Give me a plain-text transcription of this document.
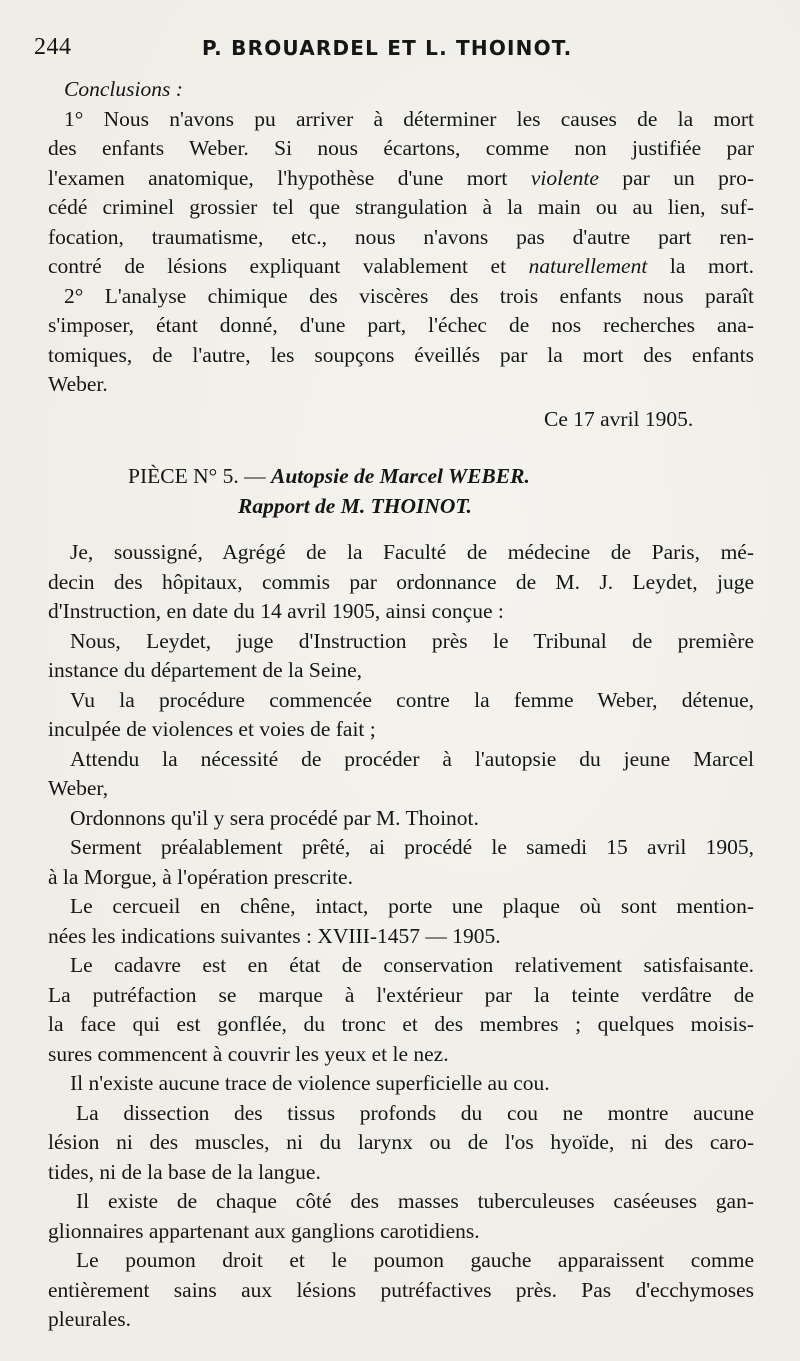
244	P. BROUARDEL ET L. THOINOT.
Conclusions :
1° Nous n'avons pu arriver à déterminer les causes de la mort
des enfants Weber. Si nous écartons, comme non justifiée par
l'examen anatomique, l'hypothèse d'une mort violente par un pro-
cédé criminel grossier tel que strangulation à la main ou au lien, suf-
focation, traumatisme, etc., nous n'avons pas d'autre part ren-
contré de lésions expliquant valablement et naturellement la mort.
2° L'analyse chimique des viscères des trois enfants nous paraît
s'imposer, étant donné, d'une part, l'échec de nos recherches ana-
tomiques, de l'autre, les soupçons éveillés par la mort des enfants
Weber.
Ce 17 avril 1905.
PIÈCE N° 5. — Autopsie de Marcel WEBER.
Rapport de M. THOINOT.
Je, soussigné, Agrégé de la Faculté de médecine de Paris, mé-
decin des hôpitaux, commis par ordonnance de M. J. Leydet, juge
d'Instruction, en date du 14 avril 1905, ainsi conçue :
Nous, Leydet, juge d'Instruction près le Tribunal de première
instance du département de la Seine,
Vu la procédure commencée contre la femme Weber, détenue,
inculpée de violences et voies de fait ;
Attendu la nécessité de procéder à l'autopsie du jeune Marcel
Weber,
Ordonnons qu'il y sera procédé par M. Thoinot.
Serment préalablement prêté, ai procédé le samedi 15 avril 1905,
à la Morgue, à l'opération prescrite.
Le cercueil en chêne, intact, porte une plaque où sont mention-
nées les indications suivantes : XVIII-1457 — 1905.
Le cadavre est en état de conservation relativement satisfaisante.
La putréfaction se marque à l'extérieur par la teinte verdâtre de
la face qui est gonflée, du tronc et des membres ; quelques moisis-
sures commencent à couvrir les yeux et le nez.
Il n'existe aucune trace de violence superficielle au cou.
La dissection des tissus profonds du cou ne montre aucune
lésion ni des muscles, ni du larynx ou de l'os hyoïde, ni des caro-
tides, ni de la base de la langue.
Il existe de chaque côté des masses tuberculeuses caséeuses gan-
glionnaires appartenant aux ganglions carotidiens.
Le poumon droit et le poumon gauche apparaissent comme
entièrement sains aux lésions putréfactives près. Pas d'ecchymoses
pleurales.
